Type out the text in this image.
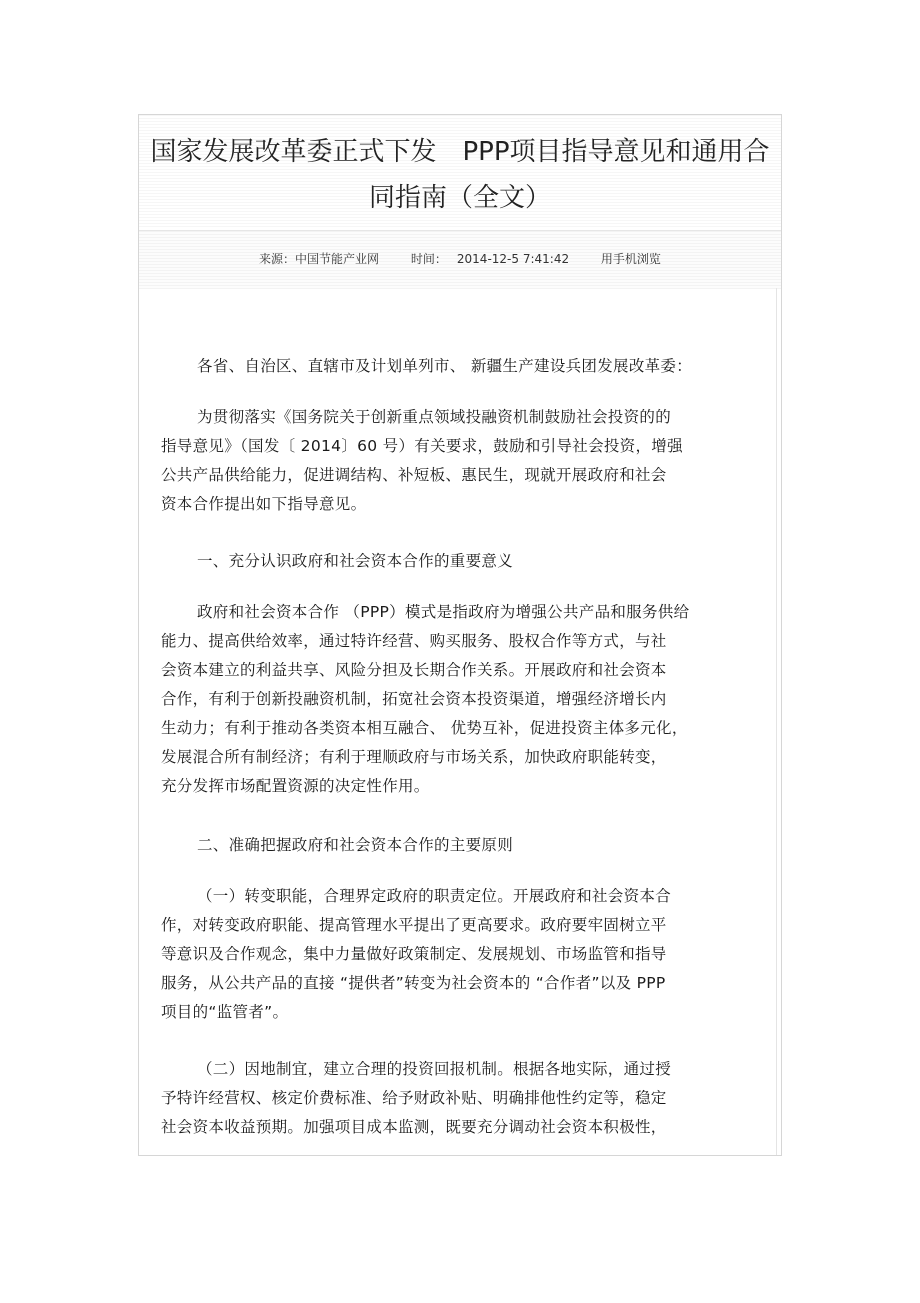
国家发展改革委正式下发　PPP项目指导意见和通用合
同指南（全文）
来源：中国节能产业网	时间： 2014-12-5 7:41:42	用手机浏览
各省、自治区、直辖市及计划单列市、 新疆生产建设兵团发展改革委：
为贯彻落实《国务院关于创新重点领域投融资机制鼓励社会投资的的
指导意见》（国发〔 2014〕60 号）有关要求，鼓励和引导社会投资，增强
公共产品供给能力，促进调结构、补短板、惠民生，现就开展政府和社会
资本合作提出如下指导意见。
一、充分认识政府和社会资本合作的重要意义
政府和社会资本合作 （PPP）模式是指政府为增强公共产品和服务供给
能力、提高供给效率，通过特许经营、购买服务、股权合作等方式，与社
会资本建立的利益共享、风险分担及长期合作关系。开展政府和社会资本
合作，有利于创新投融资机制，拓宽社会资本投资渠道，增强经济增长内
生动力；有利于推动各类资本相互融合、 优势互补，促进投资主体多元化，
发展混合所有制经济；有利于理顺政府与市场关系，加快政府职能转变，
充分发挥市场配置资源的决定性作用。
二、准确把握政府和社会资本合作的主要原则
（一）转变职能，合理界定政府的职责定位。开展政府和社会资本合
作，对转变政府职能、提高管理水平提出了更高要求。政府要牢固树立平
等意识及合作观念，集中力量做好政策制定、发展规划、市场监管和指导
服务，从公共产品的直接 “提供者”转变为社会资本的 “合作者”以及 PPP
项目的“监管者”。
（二）因地制宜，建立合理的投资回报机制。根据各地实际，通过授
予特许经营权、核定价费标准、给予财政补贴、明确排他性约定等，稳定
社会资本收益预期。加强项目成本监测，既要充分调动社会资本积极性，
